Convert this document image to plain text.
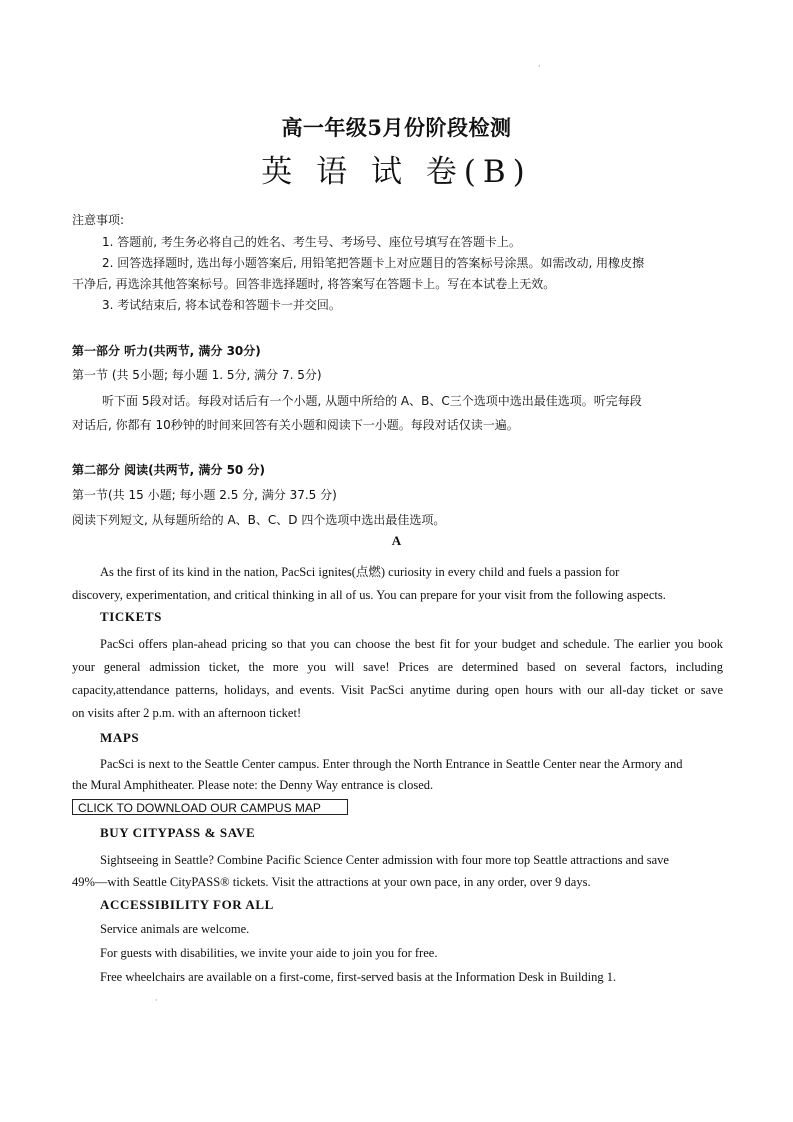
·
高一年级5月份阶段检测
英 语 试 卷(B)
注意事项:
1. 答题前, 考生务必将自己的姓名、考生号、考场号、座位号填写在答题卡上。
2. 回答选择题时, 选出每小题答案后, 用铅笔把答题卡上对应题目的答案标号涂黑。如需改动, 用橡皮擦
干净后, 再选涂其他答案标号。回答非选择题时, 将答案写在答题卡上。写在本试卷上无效。
3. 考试结束后, 将本试卷和答题卡一并交回。
第一部分 听力(共两节, 满分 30分)
第一节 (共 5小题; 每小题 1. 5分, 满分 7. 5分)
听下面 5段对话。每段对话后有一个小题, 从题中所给的 A、B、C三个选项中选出最佳选项。听完每段
对话后, 你都有 10秒钟的时间来回答有关小题和阅读下一小题。每段对话仅读一遍。
第二部分 阅读(共两节, 满分 50 分)
第一节(共 15 小题; 每小题 2.5 分, 满分 37.5 分)
阅读下列短文, 从每题所给的 A、B、C、D 四个选项中选出最佳选项。
A
As the first of its kind in the nation, PacSci ignites(点燃) curiosity in every child and fuels a passion for
discovery, experimentation, and critical thinking in all of us. You can prepare for your visit from the following aspects.
TICKETS
PacSci offers plan-ahead pricing so that you can choose the best fit for your budget and schedule. The earlier you book
your general admission ticket, the more you will save! Prices are determined based on several factors, including
capacity,attendance patterns, holidays, and events. Visit PacSci anytime during open hours with our all-day ticket or save
on visits after 2 p.m. with an afternoon ticket!
MAPS
PacSci is next to the Seattle Center campus. Enter through the North Entrance in Seattle Center near the Armory and
the Mural Amphitheater. Please note: the Denny Way entrance is closed.
CLICK TO DOWNLOAD OUR CAMPUS MAP
BUY CITYPASS & SAVE
Sightseeing in Seattle? Combine Pacific Science Center admission with four more top Seattle attractions and save
49%—with Seattle CityPASS® tickets. Visit the attractions at your own pace, in any order, over 9 days.
ACCESSIBILITY FOR ALL
Service animals are welcome.
For guests with disabilities, we invite your aide to join you for free.
Free wheelchairs are available on a first-come, first-served basis at the Information Desk in Building 1.
·
